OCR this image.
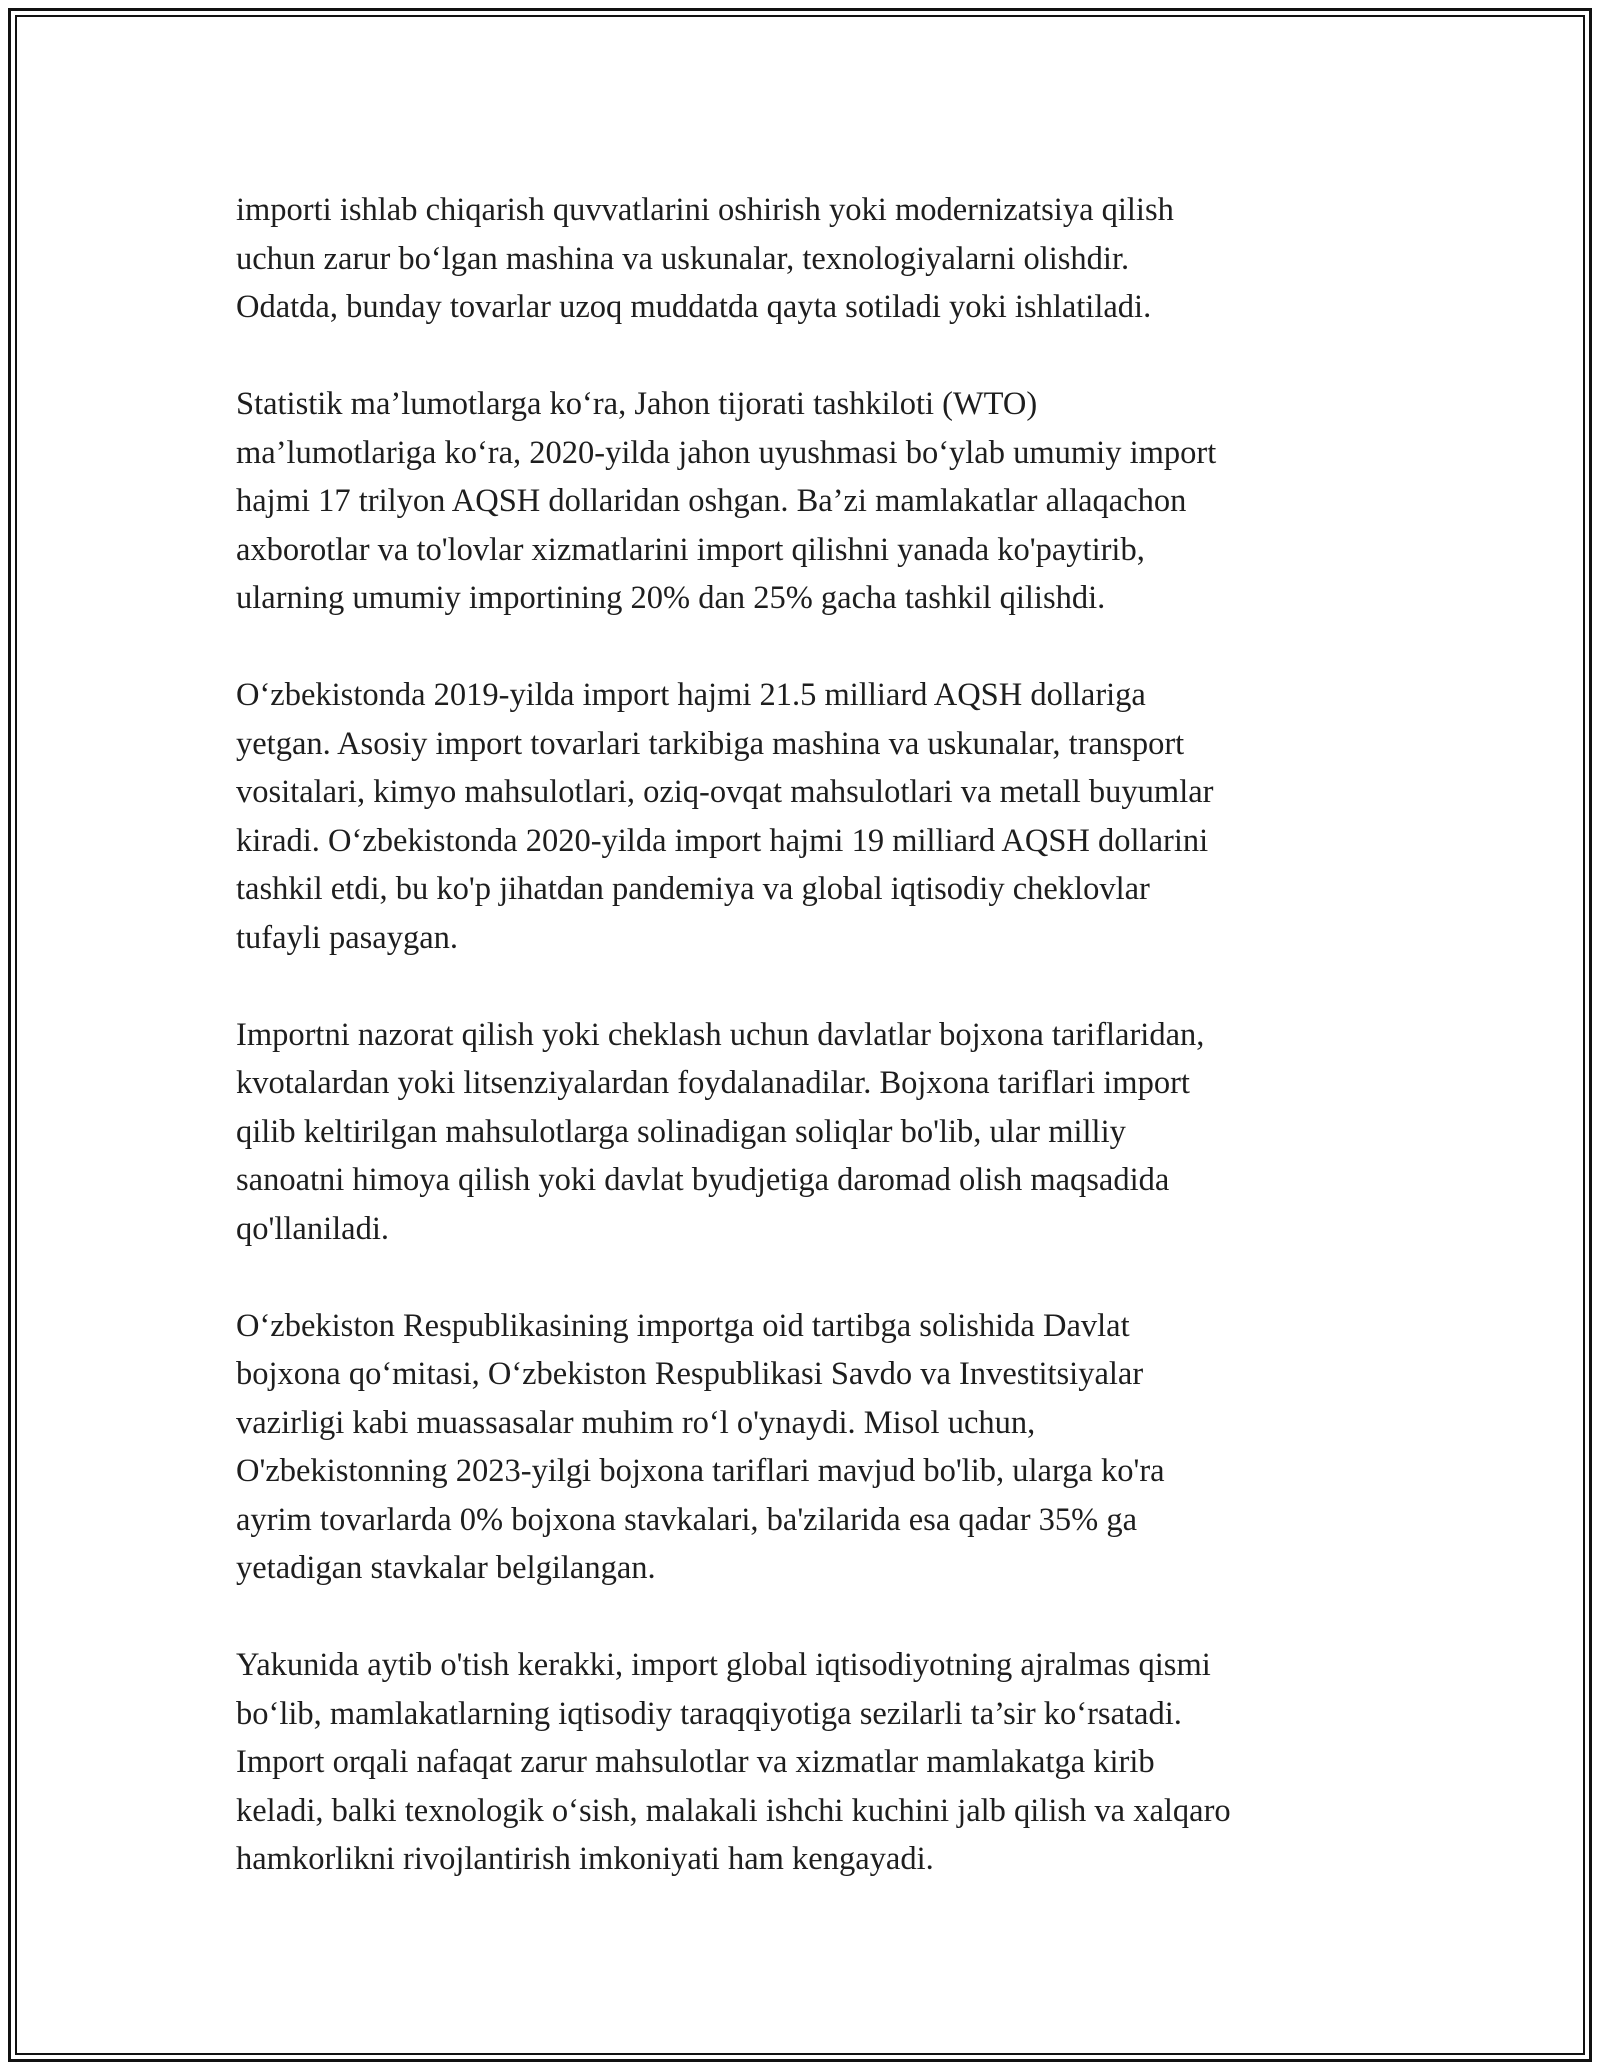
importi ishlab chiqarish quvvatlarini oshirish yoki modernizatsiya qilish
uchun zarur bo‘lgan mashina va uskunalar, texnologiyalarni olishdir.
Odatda, bunday tovarlar uzoq muddatda qayta sotiladi yoki ishlatiladi.

Statistik ma’lumotlarga ko‘ra, Jahon tijorati tashkiloti (WTO)
ma’lumotlariga ko‘ra, 2020-yilda jahon uyushmasi bo‘ylab umumiy import
hajmi 17 trilyon AQSH dollaridan oshgan. Ba’zi mamlakatlar allaqachon
axborotlar va to'lovlar xizmatlarini import qilishni yanada ko'paytirib,
ularning umumiy importining 20% dan 25% gacha tashkil qilishdi.

O‘zbekistonda 2019-yilda import hajmi 21.5 milliard AQSH dollariga
yetgan. Asosiy import tovarlari tarkibiga mashina va uskunalar, transport
vositalari, kimyo mahsulotlari, oziq-ovqat mahsulotlari va metall buyumlar
kiradi. O‘zbekistonda 2020-yilda import hajmi 19 milliard AQSH dollarini
tashkil etdi, bu ko'p jihatdan pandemiya va global iqtisodiy cheklovlar
tufayli pasaygan.

Importni nazorat qilish yoki cheklash uchun davlatlar bojxona tariflaridan,
kvotalardan yoki litsenziyalardan foydalanadilar. Bojxona tariflari import
qilib keltirilgan mahsulotlarga solinadigan soliqlar bo'lib, ular milliy
sanoatni himoya qilish yoki davlat byudjetiga daromad olish maqsadida
qo'llaniladi.

O‘zbekiston Respublikasining importga oid tartibga solishida Davlat
bojxona qo‘mitasi, O‘zbekiston Respublikasi Savdo va Investitsiyalar
vazirligi kabi muassasalar muhim ro‘l o'ynaydi. Misol uchun,
O'zbekistonning 2023-yilgi bojxona tariflari mavjud bo'lib, ularga ko'ra
ayrim tovarlarda 0% bojxona stavkalari, ba'zilarida esa qadar 35% ga
yetadigan stavkalar belgilangan.

Yakunida aytib o'tish kerakki, import global iqtisodiyotning ajralmas qismi
bo‘lib, mamlakatlarning iqtisodiy taraqqiyotiga sezilarli ta’sir ko‘rsatadi.
Import orqali nafaqat zarur mahsulotlar va xizmatlar mamlakatga kirib
keladi, balki texnologik o‘sish, malakali ishchi kuchini jalb qilish va xalqaro
hamkorlikni rivojlantirish imkoniyati ham kengayadi.
